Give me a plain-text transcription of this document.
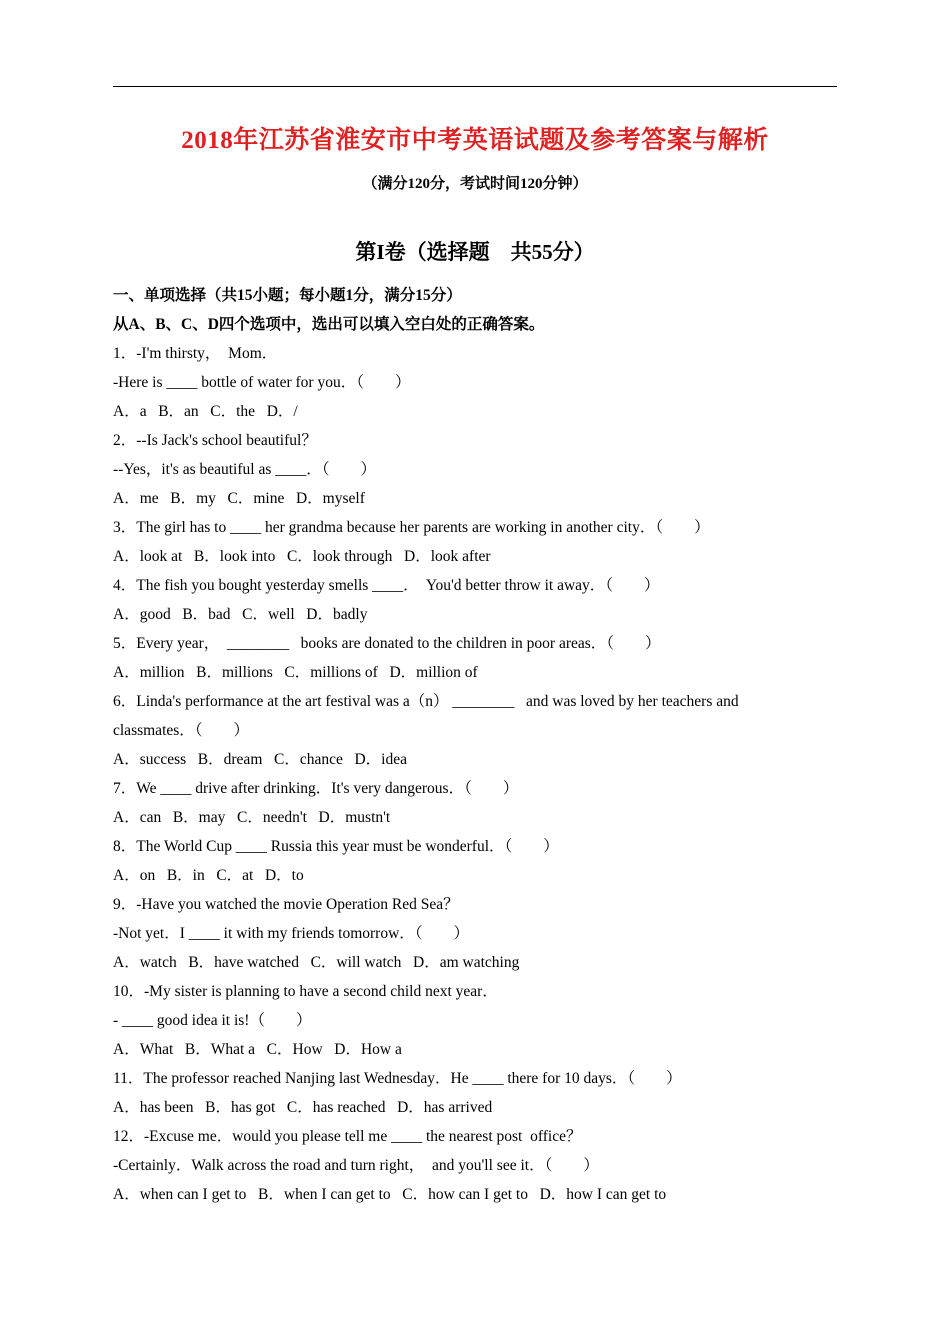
2018年江苏省淮安市中考英语试题及参考答案与解析
（满分120分，考试时间120分钟）
第I卷（选择题　共55分）
一、单项选择（共15小题；每小题1分，满分15分）
从A、B、C、D四个选项中，选出可以填入空白处的正确答案。
1．-I'm thirsty，  Mom．
-Here is ____ bottle of water for you．（　　）
A．a   B．an   C．the   D．/
2．--Is Jack's school beautiful？
--Yes，it's as beautiful as ____．（　　）
A．me   B．my   C．mine   D．myself
3．The girl has to ____ her grandma because her parents are working in another city．（　　）
A．look at   B．look into   C．look through   D．look after
4．The fish you bought yesterday smells ____．  You'd better throw it away．（　　）
A．good   B．bad   C．well   D．badly
5．Every year，  ________   books are donated to the children in poor areas．（　　）
A．million   B．millions   C．millions of   D．million of
6．Linda's performance at the art festival was a（n） ________   and was loved by her teachers and
classmates．（　　）
A．success   B．dream   C．chance   D．idea
7．We ____ drive after drinking．It's very dangerous．（　　）
A．can   B．may   C．needn't   D．mustn't
8．The World Cup ____ Russia this year must be wonderful．（　　）
A．on   B．in   C．at   D．to
9．-Have you watched the movie Operation Red Sea？
-Not yet．I ____ it with my friends tomorrow．（　　）
A．watch   B．have watched   C．will watch   D．am watching
10．-My sister is planning to have a second child next year．
- ____ good idea it is!（　　）
A．What   B．What a   C．How   D．How a
11．The professor reached Nanjing last Wednesday．He ____ there for 10 days．（　　）
A．has been   B．has got   C．has reached   D．has arrived
12．-Excuse me．would you please tell me ____ the nearest post  office？
-Certainly．Walk across the road and turn right，  and you'll see it．（　　）
A．when can I get to   B．when I can get to   C．how can I get to   D．how I can get to
